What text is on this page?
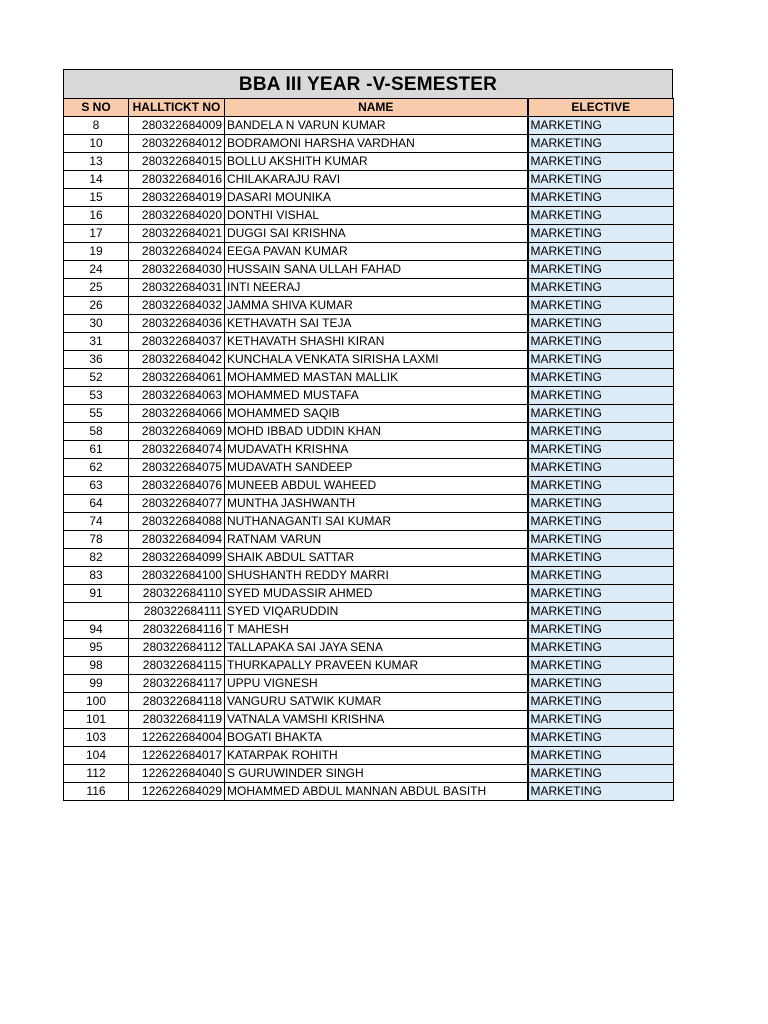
BBA III YEAR -V-SEMESTER
S NO	HALLTICKT NO	NAME	ELECTIVE
8	280322684009	BANDELA N VARUN KUMAR	MARKETING
10	280322684012	BODRAMONI HARSHA VARDHAN	MARKETING
13	280322684015	BOLLU AKSHITH KUMAR	MARKETING
14	280322684016	CHILAKARAJU RAVI	MARKETING
15	280322684019	DASARI MOUNIKA	MARKETING
16	280322684020	DONTHI VISHAL	MARKETING
17	280322684021	DUGGI SAI KRISHNA	MARKETING
19	280322684024	EEGA PAVAN KUMAR	MARKETING
24	280322684030	HUSSAIN SANA ULLAH FAHAD	MARKETING
25	280322684031	INTI NEERAJ	MARKETING
26	280322684032	JAMMA SHIVA KUMAR	MARKETING
30	280322684036	KETHAVATH SAI TEJA	MARKETING
31	280322684037	KETHAVATH SHASHI KIRAN	MARKETING
36	280322684042	KUNCHALA VENKATA SIRISHA LAXMI	MARKETING
52	280322684061	MOHAMMED MASTAN MALLIK	MARKETING
53	280322684063	MOHAMMED MUSTAFA	MARKETING
55	280322684066	MOHAMMED SAQIB	MARKETING
58	280322684069	MOHD IBBAD UDDIN KHAN	MARKETING
61	280322684074	MUDAVATH KRISHNA	MARKETING
62	280322684075	MUDAVATH SANDEEP	MARKETING
63	280322684076	MUNEEB ABDUL WAHEED	MARKETING
64	280322684077	MUNTHA JASHWANTH	MARKETING
74	280322684088	NUTHANAGANTI SAI KUMAR	MARKETING
78	280322684094	RATNAM VARUN	MARKETING
82	280322684099	SHAIK ABDUL SATTAR	MARKETING
83	280322684100	SHUSHANTH REDDY MARRI	MARKETING
91	280322684110	SYED MUDASSIR AHMED	MARKETING
	280322684111	SYED VIQARUDDIN	MARKETING
94	280322684116	T MAHESH	MARKETING
95	280322684112	TALLAPAKA SAI JAYA SENA	MARKETING
98	280322684115	THURKAPALLY PRAVEEN KUMAR	MARKETING
99	280322684117	UPPU VIGNESH	MARKETING
100	280322684118	VANGURU SATWIK KUMAR	MARKETING
101	280322684119	VATNALA VAMSHI KRISHNA	MARKETING
103	122622684004	BOGATI BHAKTA	MARKETING
104	122622684017	KATARPAK ROHITH	MARKETING
112	122622684040	S GURUWINDER SINGH	MARKETING
116	122622684029	MOHAMMED ABDUL MANNAN ABDUL BASITH	MARKETING
